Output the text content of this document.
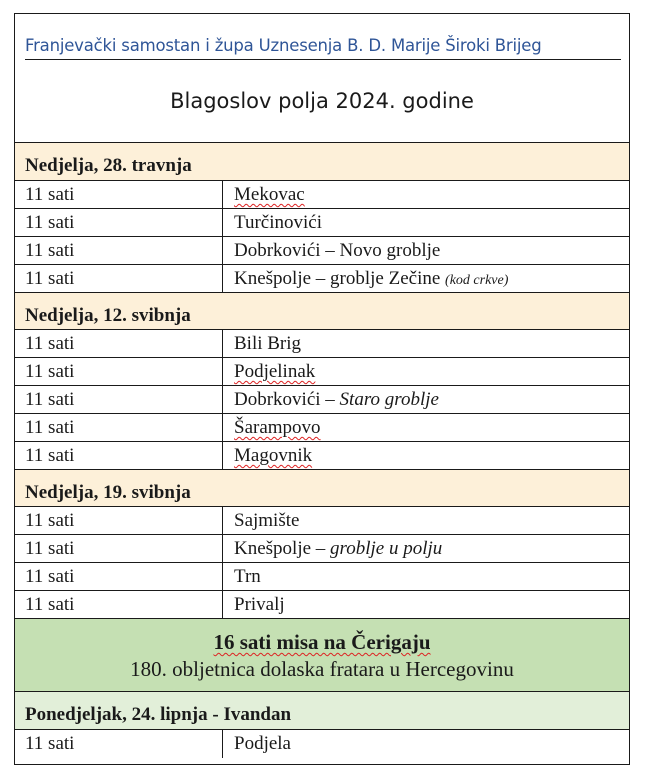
Franjevački samostan i župa Uznesenja B. D. Marije Široki Brijeg
Blagoslov polja 2024. godine
Nedjelja, 28. travnja
11 sati	Mekovac
11 sati	Turčinovići
11 sati	Dobrkovići – Novo groblje
11 sati	Knešpolje – groblje Zečine (kod crkve)
Nedjelja, 12. svibnja
11 sati	Bili Brig
11 sati	Podjelinak
11 sati	Dobrkovići – Staro groblje
11 sati	Šarampovo
11 sati	Magovnik
Nedjelja, 19. svibnja
11 sati	Sajmište
11 sati	Knešpolje – groblje u polju
11 sati	Trn
11 sati	Privalj
16 sati misa na Čerigaju
180. obljetnica dolaska fratara u Hercegovinu
Ponedjeljak, 24. lipnja - Ivandan
11 sati	Podjela
